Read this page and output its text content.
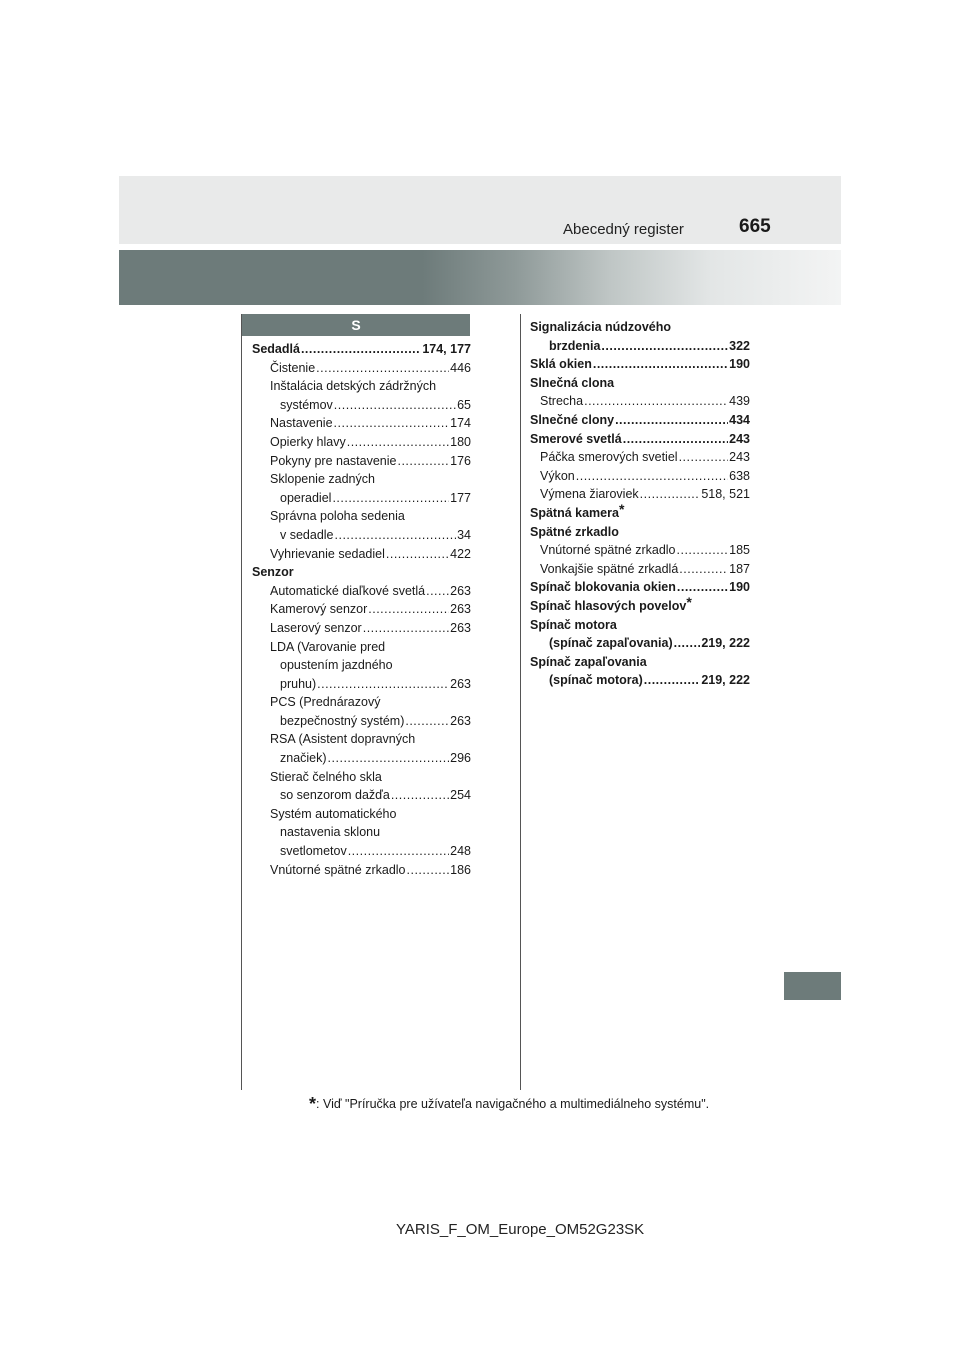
Abecedný register	665
S
Sedadlá .....	174, 177
Čistenie .....	446
Inštalácia detských zádržných
systémov .....	65
Nastavenie .....	174
Opierky hlavy .....	180
Pokyny pre nastavenie .....	176
Sklopenie zadných
operadiel .....	177
Správna poloha sedenia
v sedadle .....	34
Vyhrievanie sedadiel .....	422
Senzor
Automatické diaľkové svetlá ..... 263
Kamerový senzor .....	263
Laserový senzor .....	263
LDA (Varovanie pred
opustením jazdného
pruhu) .....	263
PCS (Prednárazový
bezpečnostný systém) .....	263
RSA (Asistent dopravných
značiek) .....	296
Stierač čelného skla
so senzorom dažďa .....	254
Systém automatického
nastavenia sklonu
svetlometov .....	248
Vnútorné spätné zrkadlo .....	186
Signalizácia núdzového
brzdenia .....	322
Sklá okien .....	190
Slnečná clona
Strecha .....	439
Slnečné clony .....	434
Smerové svetlá .....	243
Páčka smerových svetiel .....	243
Výkon .....	638
Výmena žiaroviek .....	518, 521
Spätná kamera*
Spätné zrkadlo
Vnútorné spätné zrkadlo .....	185
Vonkajšie spätné zrkadlá .....	187
Spínač blokovania okien .....	190
Spínač hlasových povelov*
Spínač motora
(spínač zapaľovania) ..... 219, 222
Spínač zapaľovania
(spínač motora) .....	219, 222
*: Viď "Príručka pre užívateľa navigačného a multimediálneho systému".
YARIS_F_OM_Europe_OM52G23SK
